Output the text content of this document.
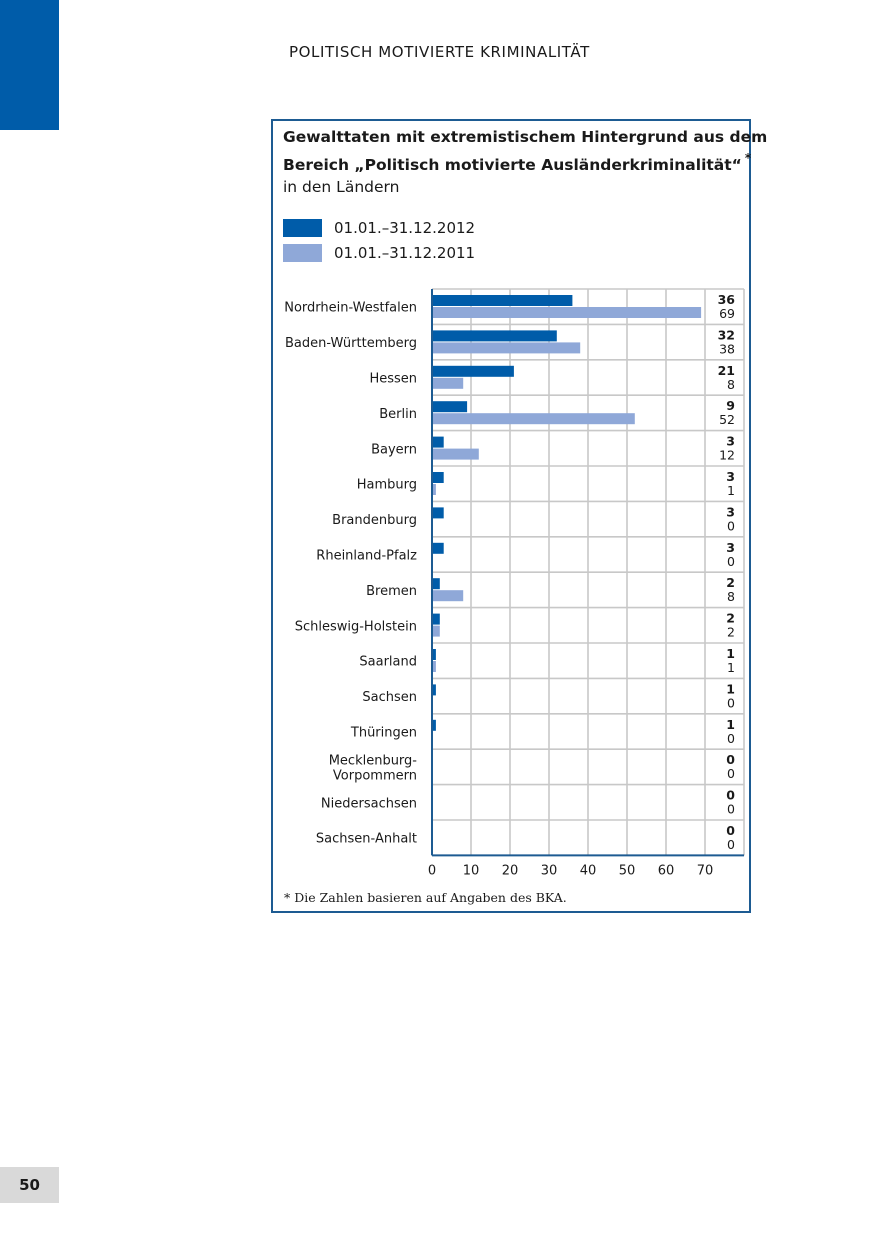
POLITISCH MOTIVIERTE KRIMINALITÄT
Gewalttaten mit extremistischem Hintergrund aus dem
Bereich „Politisch motivierte Ausländerkriminalität“ *
in den Ländern
01.01.–31.12.2012
01.01.–31.12.2011
36
69
Nordrhein-Westfalen
32
38
Baden-Württemberg
21
8
Hessen
9
52
Berlin
3
12
Bayern
3
1
Hamburg
3
0
Brandenburg
3
0
Rheinland-Pfalz
2
8
Bremen
2
2
Schleswig-Holstein
1
1
Saarland
1
0
Sachsen
1
0
Thüringen
0
0
Mecklenburg-
Vorpommern
0
0
Niedersachsen
0
0
Sachsen-Anhalt
0 10 20 30 40 50 60 70
* Die Zahlen basieren auf Angaben des BKA.
50
